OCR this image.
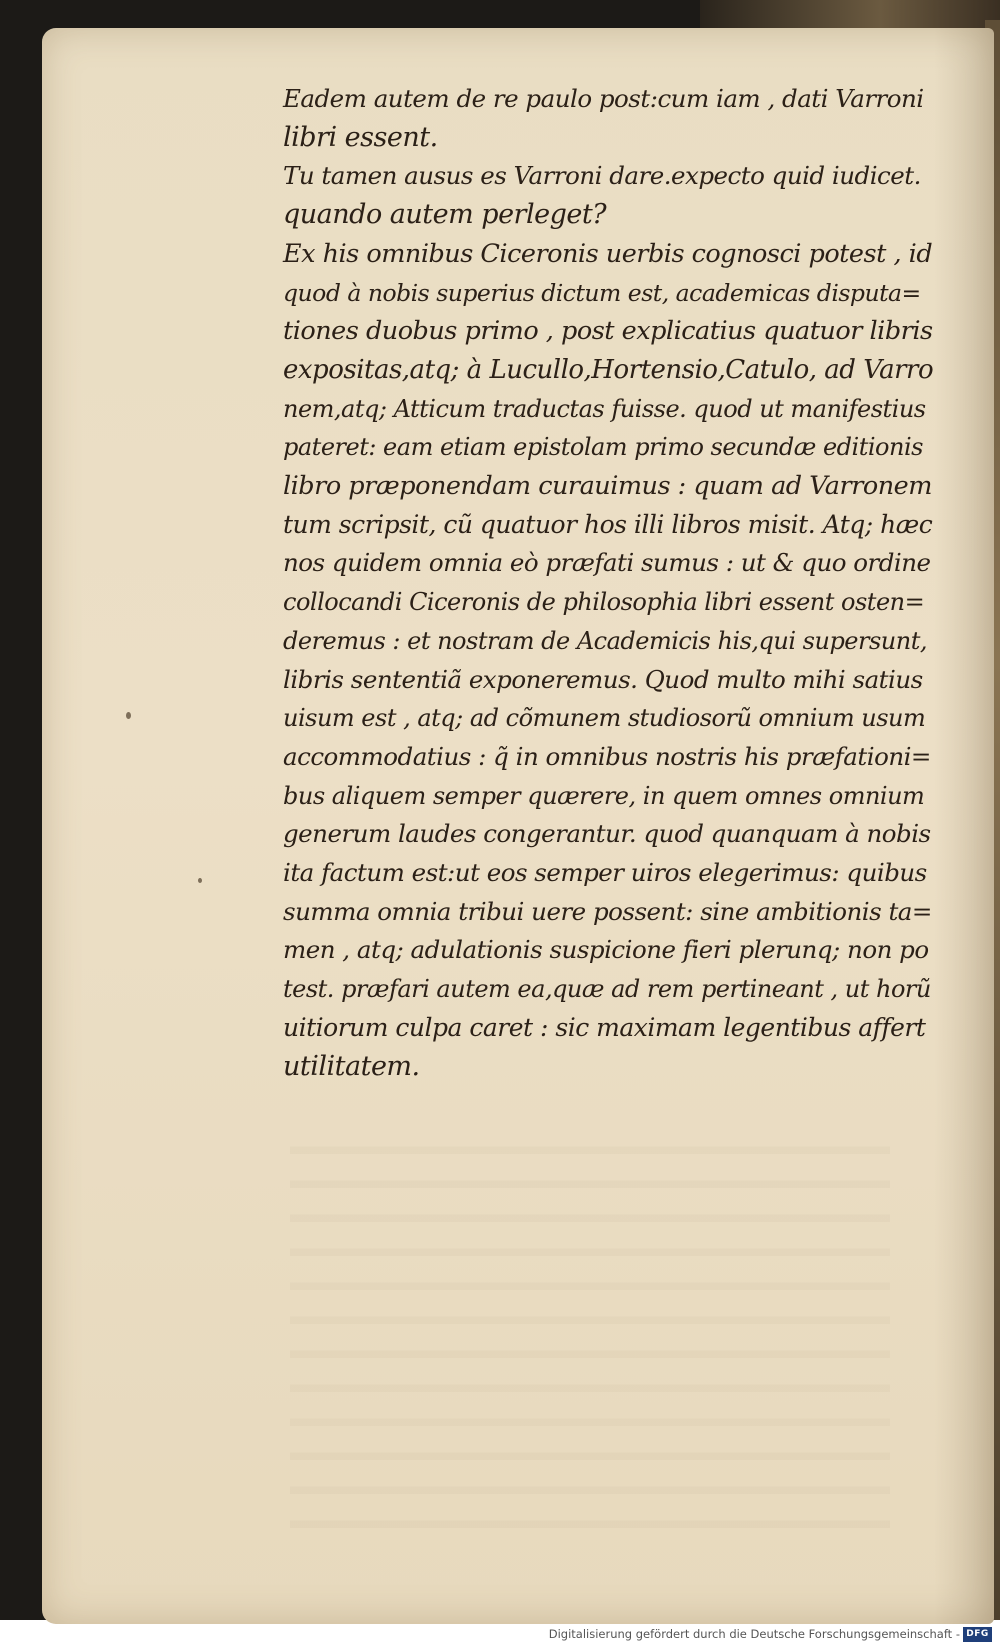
Eadem autem de re paulo post:cum iam , dati Varroni
libri essent.
Tu tamen ausus es Varroni dare.expecto quid iudicet.
quando autem perleget?
Ex his omnibus Ciceronis uerbis cognosci potest , id
quod à nobis superius dictum est, academicas disputa=
tiones duobus primo , post explicatius quatuor libris
expositas,atq; à Lucullo,Hortensio,Catulo, ad Varro
nem,atq; Atticum traductas fuisse. quod ut manifestius
pateret: eam etiam epistolam primo secundæ editionis
libro præponendam curauimus : quam ad Varronem
tum scripsit, cũ quatuor hos illi libros misit. Atq; hæc
nos quidem omnia eò præfati sumus : ut & quo ordine
collocandi Ciceronis de philosophia libri essent osten=
deremus : et nostram de Academicis his,qui supersunt,
libris sententiã exponeremus. Quod multo mihi satius
uisum est , atq; ad cõmunem studiosorũ omnium usum
accommodatius : q̃ in omnibus nostris his præfationi=
bus aliquem semper quærere, in quem omnes omnium
generum laudes congerantur. quod quanquam à nobis
ita factum est:ut eos semper uiros elegerimus: quibus
summa omnia tribui uere possent: sine ambitionis ta=
men , atq; adulationis suspicione fieri plerunq; non po
test. præfari autem ea,quæ ad rem pertineant , ut horũ
uitiorum culpa caret : sic maximam legentibus affert
utilitatem.
Digitalisierung gefördert durch die Deutsche Forschungsgemeinschaft - DFG
